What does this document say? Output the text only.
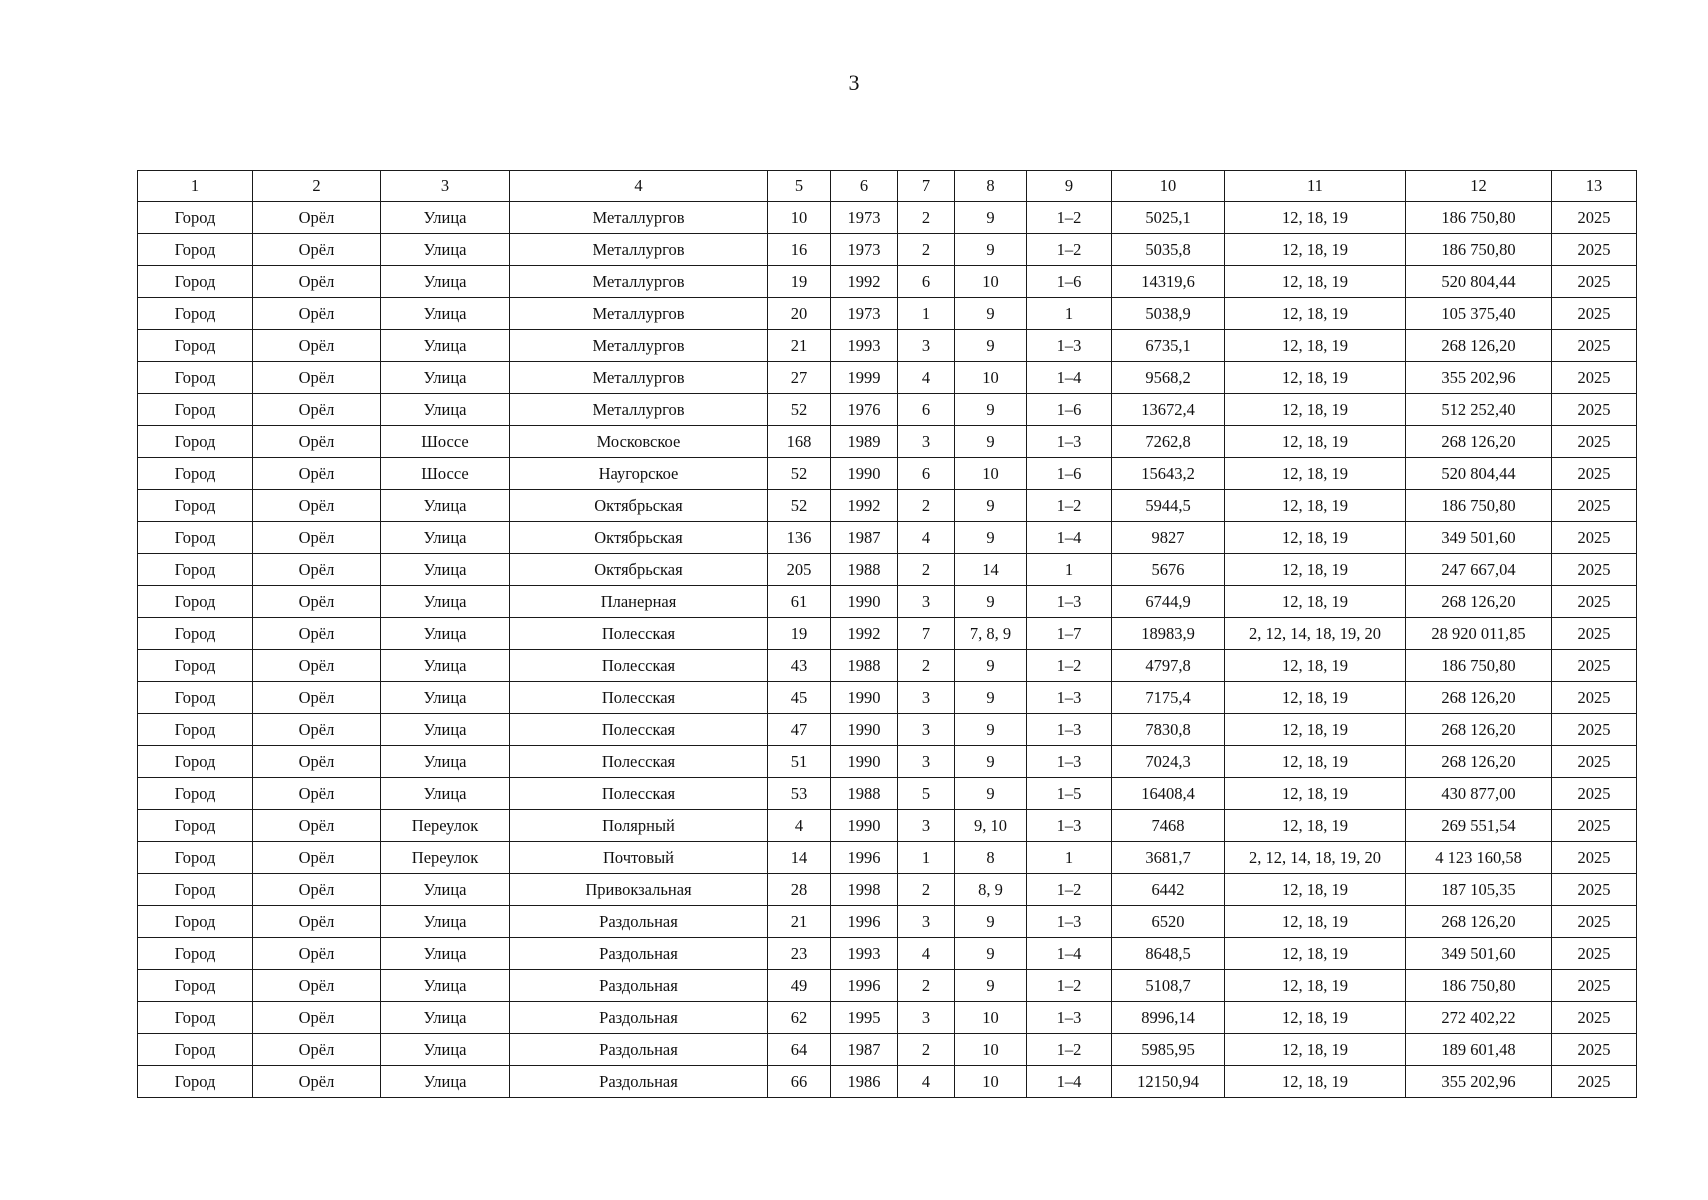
3
1	2	3	4	5	6	7	8	9	10	11	12	13
Город	Орёл	Улица	Металлургов	10	1973	2	9	1–2	5025,1	12, 18, 19	186 750,80	2025
Город	Орёл	Улица	Металлургов	16	1973	2	9	1–2	5035,8	12, 18, 19	186 750,80	2025
Город	Орёл	Улица	Металлургов	19	1992	6	10	1–6	14319,6	12, 18, 19	520 804,44	2025
Город	Орёл	Улица	Металлургов	20	1973	1	9	1	5038,9	12, 18, 19	105 375,40	2025
Город	Орёл	Улица	Металлургов	21	1993	3	9	1–3	6735,1	12, 18, 19	268 126,20	2025
Город	Орёл	Улица	Металлургов	27	1999	4	10	1–4	9568,2	12, 18, 19	355 202,96	2025
Город	Орёл	Улица	Металлургов	52	1976	6	9	1–6	13672,4	12, 18, 19	512 252,40	2025
Город	Орёл	Шоссе	Московское	168	1989	3	9	1–3	7262,8	12, 18, 19	268 126,20	2025
Город	Орёл	Шоссе	Наугорское	52	1990	6	10	1–6	15643,2	12, 18, 19	520 804,44	2025
Город	Орёл	Улица	Октябрьская	52	1992	2	9	1–2	5944,5	12, 18, 19	186 750,80	2025
Город	Орёл	Улица	Октябрьская	136	1987	4	9	1–4	9827	12, 18, 19	349 501,60	2025
Город	Орёл	Улица	Октябрьская	205	1988	2	14	1	5676	12, 18, 19	247 667,04	2025
Город	Орёл	Улица	Планерная	61	1990	3	9	1–3	6744,9	12, 18, 19	268 126,20	2025
Город	Орёл	Улица	Полесская	19	1992	7	7, 8, 9	1–7	18983,9	2, 12, 14, 18, 19, 20	28 920 011,85	2025
Город	Орёл	Улица	Полесская	43	1988	2	9	1–2	4797,8	12, 18, 19	186 750,80	2025
Город	Орёл	Улица	Полесская	45	1990	3	9	1–3	7175,4	12, 18, 19	268 126,20	2025
Город	Орёл	Улица	Полесская	47	1990	3	9	1–3	7830,8	12, 18, 19	268 126,20	2025
Город	Орёл	Улица	Полесская	51	1990	3	9	1–3	7024,3	12, 18, 19	268 126,20	2025
Город	Орёл	Улица	Полесская	53	1988	5	9	1–5	16408,4	12, 18, 19	430 877,00	2025
Город	Орёл	Переулок	Полярный	4	1990	3	9, 10	1–3	7468	12, 18, 19	269 551,54	2025
Город	Орёл	Переулок	Почтовый	14	1996	1	8	1	3681,7	2, 12, 14, 18, 19, 20	4 123 160,58	2025
Город	Орёл	Улица	Привокзальная	28	1998	2	8, 9	1–2	6442	12, 18, 19	187 105,35	2025
Город	Орёл	Улица	Раздольная	21	1996	3	9	1–3	6520	12, 18, 19	268 126,20	2025
Город	Орёл	Улица	Раздольная	23	1993	4	9	1–4	8648,5	12, 18, 19	349 501,60	2025
Город	Орёл	Улица	Раздольная	49	1996	2	9	1–2	5108,7	12, 18, 19	186 750,80	2025
Город	Орёл	Улица	Раздольная	62	1995	3	10	1–3	8996,14	12, 18, 19	272 402,22	2025
Город	Орёл	Улица	Раздольная	64	1987	2	10	1–2	5985,95	12, 18, 19	189 601,48	2025
Город	Орёл	Улица	Раздольная	66	1986	4	10	1–4	12150,94	12, 18, 19	355 202,96	2025
